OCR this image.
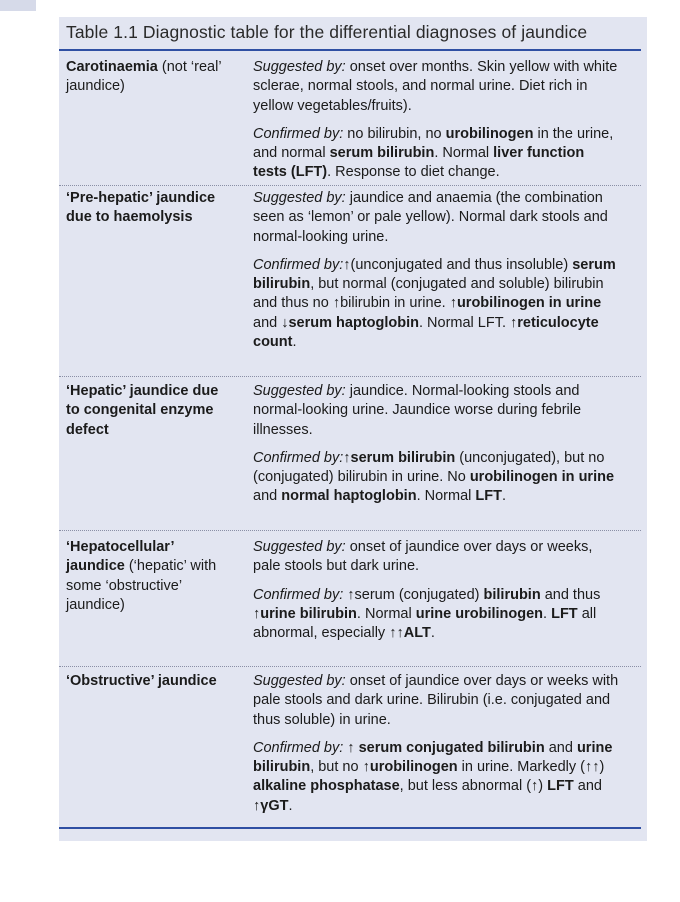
Table 1.1 Diagnostic table for the differential diagnoses of jaundice
Carotinaemia (not ‘real’ jaundice)

Suggested by: onset over months. Skin yellow with white sclerae, normal stools, and normal urine. Diet rich in yellow vegetables/fruits).

Confirmed by: no bilirubin, no urobilinogen in the urine, and normal serum bilirubin. Normal liver function tests (LFT). Response to diet change.

‘Pre-hepatic’ jaundice due to haemolysis

Suggested by: jaundice and anaemia (the combination seen as ‘lemon’ or pale yellow). Normal dark stools and normal-looking urine.

Confirmed by:↑(unconjugated and thus insoluble) serum bilirubin, but normal (conjugated and soluble) bilirubin and thus no ↑bilirubin in urine. ↑urobilinogen in urine and ↓serum haptoglobin. Normal LFT. ↑reticulocyte count.

‘Hepatic’ jaundice due to congenital enzyme defect

Suggested by: jaundice. Normal-looking stools and normal-looking urine. Jaundice worse during febrile illnesses.

Confirmed by:↑serum bilirubin (unconjugated), but no (conjugated) bilirubin in urine. No urobilinogen in urine and normal haptoglobin. Normal LFT.

‘Hepatocellular’ jaundice (‘hepatic’ with some ‘obstructive’ jaundice)

Suggested by: onset of jaundice over days or weeks, pale stools but dark urine.

Confirmed by: ↑serum (conjugated) bilirubin and thus ↑urine bilirubin. Normal urine urobilinogen. LFT all abnormal, especially ↑↑ALT.

‘Obstructive’ jaundice	Suggested by: onset of jaundice over days or weeks with pale stools and dark urine. Bilirubin (i.e. conjugated and thus soluble) in urine.

Confirmed by: ↑ serum conjugated bilirubin and urine bilirubin, but no ↑urobilinogen in urine. Markedly (↑↑) alkaline phosphatase, but less abnormal (↑) LFT and ↑γGT.
